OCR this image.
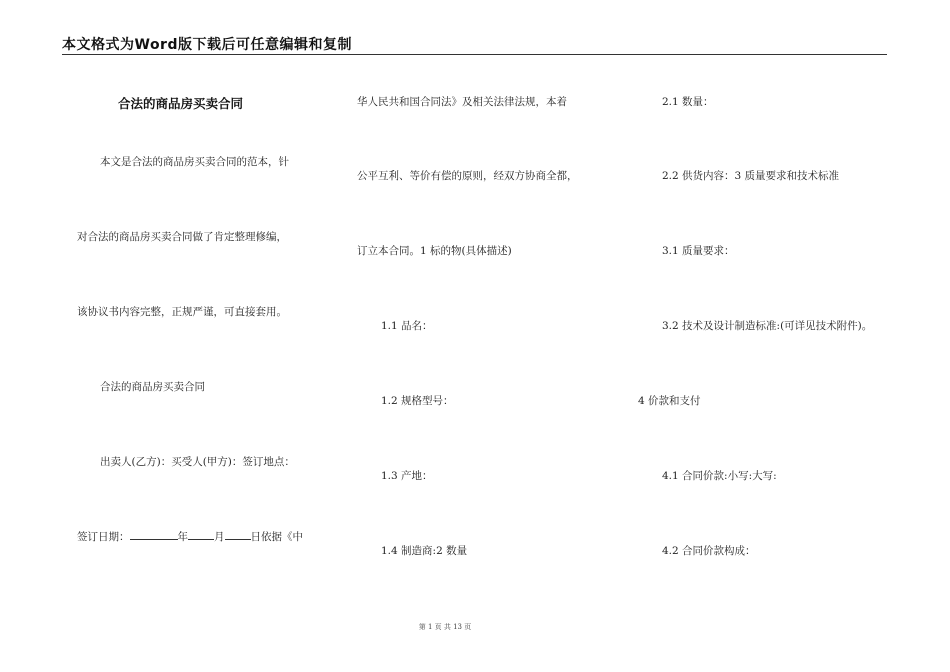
本文格式为Word版下载后可任意编辑和复制
合法的商品房买卖合同
本文是合法的商品房买卖合同的范本，针
对合法的商品房买卖合同做了肯定整理修编，
该协议书内容完整，正规严谨，可直接套用。
合法的商品房买卖合同
出卖人(乙方)：买受人(甲方)：签订地点：
签订日期：	年 月 日依据《中
华人民共和国合同法》及相关法律法规，本着
公平互利、等价有偿的原则，经双方协商全都，
订立本合同。1 标的物(具体描述)
1.1 品名：
1.2 规格型号：
1.3 产地：
1.4 制造商:2 数量
2.1 数量：
2.2 供货内容：3 质量要求和技术标准
3.1 质量要求：
3.2 技术及设计制造标准:(可详见技术附件)。
4 价款和支付
4.1 合同价款:小写:大写:
4.2 合同价款构成：
第 1 页 共 13 页
